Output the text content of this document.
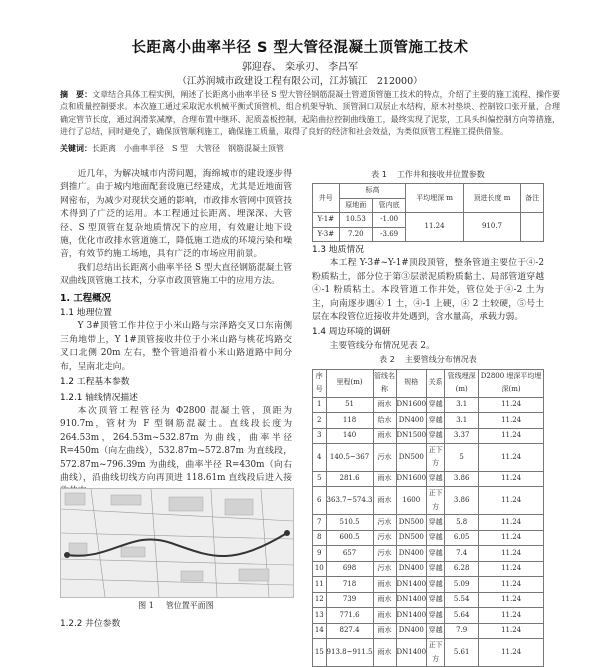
长距离小曲率半径 S 型大管径混凝土顶管施工技术
郭迎春、 栾承刃、 李昌军
（江苏润城市政建设工程有限公司，江苏镇江　212000）
摘　要：文章结合具体工程实例，阐述了长距离小曲率半径 S 型大管径钢筋混凝土管道顶管施工技术的特点，介绍了主要的施工流程、操作要点和质量控制要求。本次施工通过采取泥水机械平衡式顶管机、组合机架导轨、顶管洞口双层止水结构，原木衬垫块、控制铰口张开量、合理确定管节长度，通过润滑浆减摩，合理布置中继环、泥质盖板控制，起陷曲拉控制曲线施工，最终实现了泥浆，工具头纠偏控制方向等措施，进行了总结，同时避免了，确保顶管顺利施工，确保施工质量，取得了良好的经济和社会效益，为类似顶管工程施工提供借鉴。
关键词：长距离　小曲率半径　S 型　大管径　钢筋混凝土顶管

近几年，为解决城市内涝问题，海绵城市的建设逐步得到推广。由于城内地面配套设施已经建成，尤其是近地面管网密布，为减少对现状交通的影响，市政排水管网中顶管技术得到了广泛的运用。本工程通过长距离、埋深深、大管径、S 型顶管在复杂地质情况下的应用，有效避让地下设施，优化市政排水管道施工，降低施工造成的环境污染和噪音，有效节约施工场地，具有广泛的市场应用前景。

我们总结出长距离小曲率半径 S 型大直径钢筋混凝土管双曲线顶管施工技术，分享市政顶管施工中的应用方法。

1. 工程概况
1.1 地理位置

Y 3#顶管工作井位于小米山路与宗泽路交叉口东南侧三角地带上，Y 1#顶管接收井位于小米山路与桃花坞路交叉口北侧 20m 左右，整个管道沿着小米山路道路中间分布，呈南北走向。

1.2 工程基本参数
1.2.1 轴线情况描述

本次顶管工程管径为 Φ2800 混凝土管，顶距为 910.7m，管材为 F 型钢筋混凝土。直线段长度为 264.53m，264.53m~532.87m 为曲线，曲率半径 R=450m（向左曲线），532.87m~572.87m 为直线段，572.87m~796.39m 为曲线，曲率半径 R=430m（向右曲线），沿曲线切线方向再顶进 118.61m 直线段后进入接

图 1 管位置平面图
1.2.2 井位参数
表 1 工作井和接收井位置参数
井号	标高		平均埋深 m	顶进长度 m	备注
	原地面	管内底			
Y-1#	10.53	-1.00	11.24	910.7	
Y-3#	7.20	-3.69			
1.3 地质情况

本工程 Y-3#~Y-1#顶段顶管，整条管道主要位于④-2 粉质粘土，部分位于第③层淤泥质粉质黏土、局部管道穿越④-1 粉质粘土。本段管道工作井处，管位处于④-2 土为主，向南逐步遇④ 1 土，④-1 上硬，④ 2 土较硬，⑤号土层在本段管位近接收井处遇到，含水量高，承载力弱。

1.4 周边环境的调研

主要管线分布情况见表 2。

表 2 主要管线分布情况表
序号	里程(m)	管线名称	规格	关系	管线埋深(m)	D2800 埋深平均埋深(m)
1	51	雨水	DN1600	穿越	3.1	11.24
2	118	给水	DN400	穿越	3.1	11.24
3	140	雨水	DN1500	穿越	3.37	11.24
4	140.5~367	污水	DN500	正下方	5	11.24
5	281.6	雨水	DN1600	穿越	3.86	11.24
6	363.7~574.3	雨水	1600	正下方	3.86	11.24
7	510.5	污水	DN500	穿越	5.8	11.24
8	600.5	污水	DN500	穿越	6.05	11.24
9	657	污水	DN400	穿越	7.4	11.24
10	698	污水	DN400	穿越	6.28	11.24
11	718	雨水	DN1400	穿越	5.09	11.24
12	739	雨水	DN1400	穿越	5.54	11.24
13	771.6	雨水	DN1400	穿越	5.64	11.24
14	827.4	雨水	DN400	穿越	7.9	11.24
15	913.8~911.5	雨水	DN1400	正下方	5.61	11.24
